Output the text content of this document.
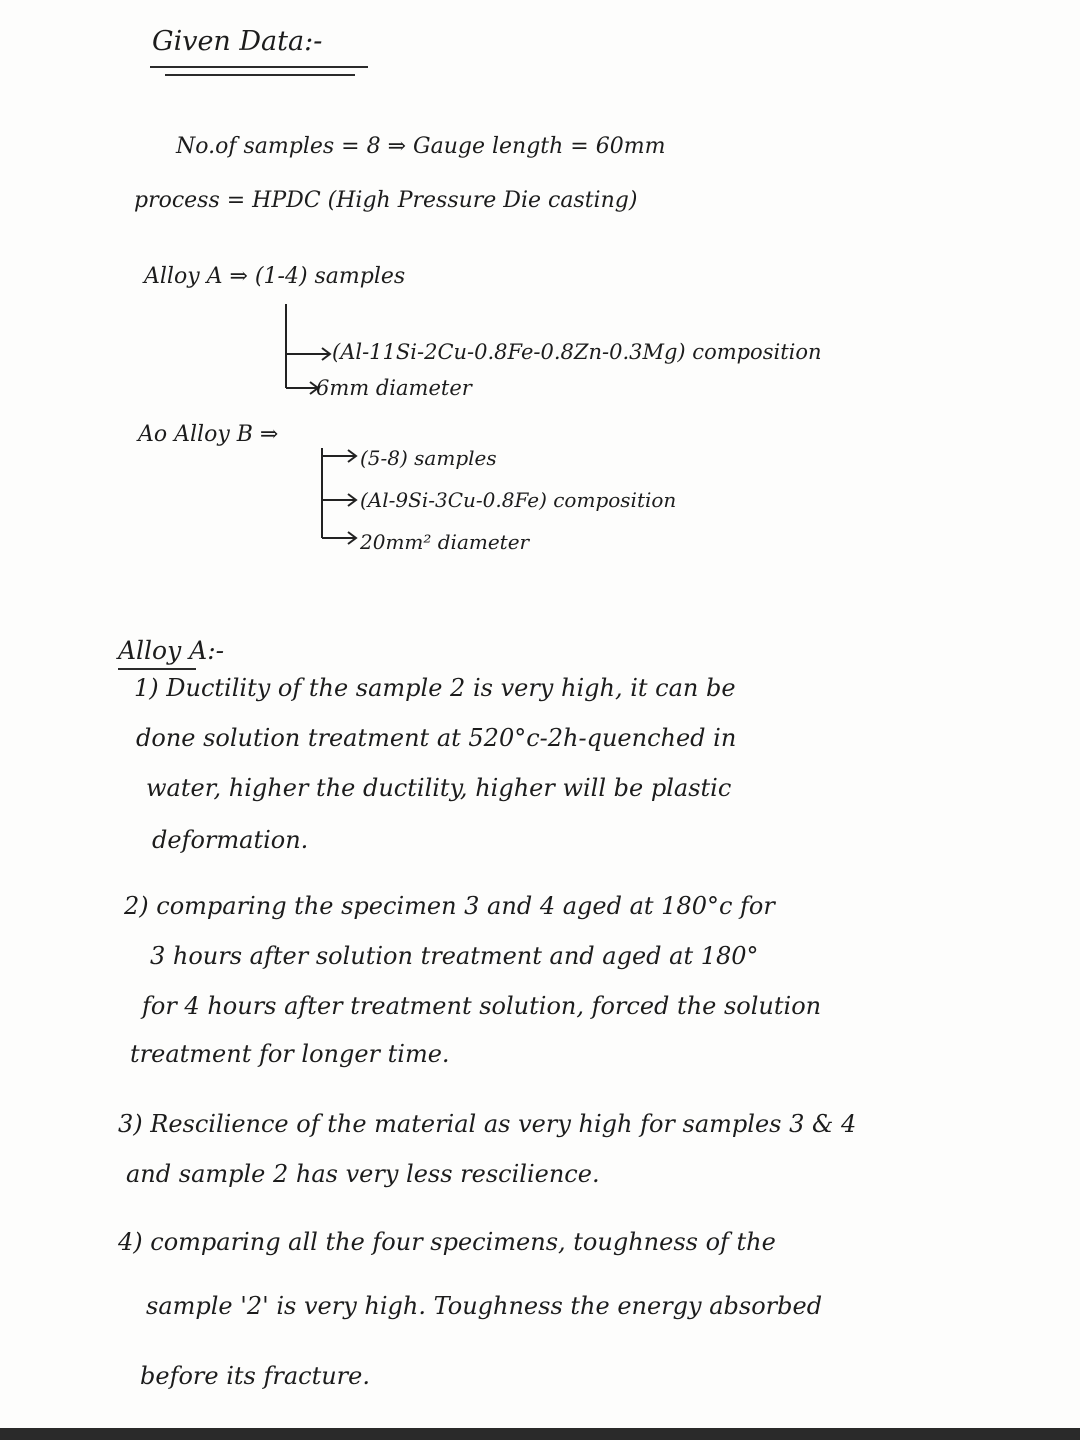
Given Data:-
No.of samples = 8 ⇒ Gauge length = 60mm
process = HPDC (High Pressure Die casting)
Alloy A ⇒ (1-4) samples
(Al-11Si-2Cu-0.8Fe-0.8Zn-0.3Mg) composition
6mm diameter
Ao Alloy B ⇒
(5-8) samples
(Al-9Si-3Cu-0.8Fe) composition
20mm² diameter
Alloy A:-
1) Ductility of the sample 2 is very high, it can be
done solution treatment at 520°c-2h-quenched in
water, higher the ductility, higher will be plastic
deformation.
2) comparing the specimen 3 and 4 aged at 180°c for
3 hours after solution treatment and aged at 180°
for 4 hours after treatment solution, forced the solution
treatment for longer time.
3) Rescilience of the material as very high for samples 3 & 4
and sample 2 has very less rescilience.
4) comparing all the four specimens, toughness of the
sample '2' is very high. Toughness the energy absorbed
before its fracture.
